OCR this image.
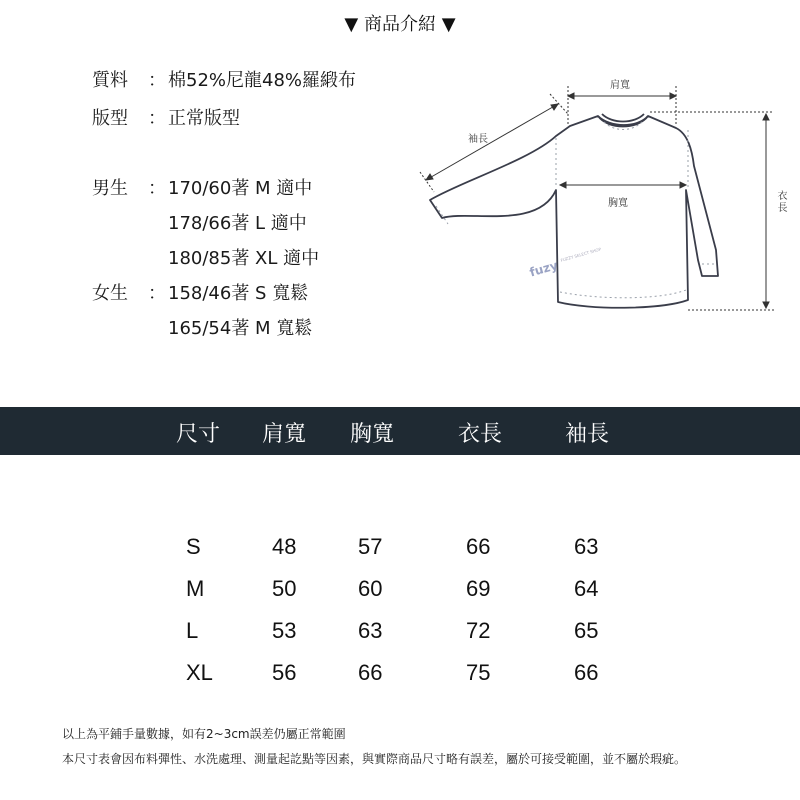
▼ 商品介紹 ▼
質料 ： 棉52%尼龍48%羅緞布
版型 ： 正常版型
男生 ： 170/60著 M 適中
178/66著 L 適中
180/85著 XL 適中
女生 ： 158/46著 S 寬鬆
165/54著 M 寬鬆
肩寬
袖長
胸寬	衣長
fuzy
FUZZY SELECT SHOP
尺寸 肩寬 胸寬	衣長	袖長
S	48	57	66	63
M	50	60	69	64
L	53	63	72	65
XL	56	66	75	66
以上為平鋪手量數據，如有2~3cm誤差仍屬正常範圍
本尺寸表會因布料彈性、水洗處理、測量起訖點等因素，與實際商品尺寸略有誤差，屬於可接受範圍，並不屬於瑕疵。
